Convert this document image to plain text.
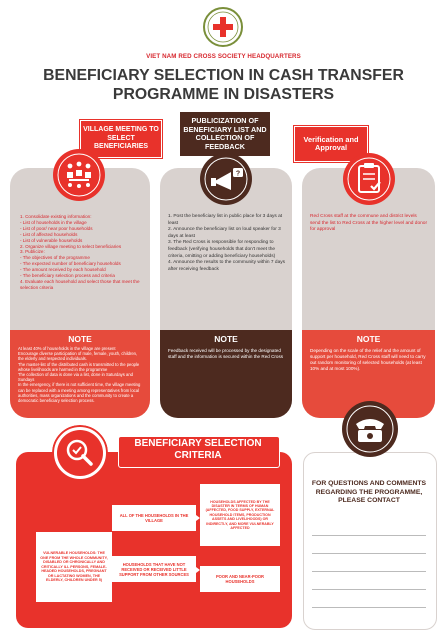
VIET NAM RED CROSS SOCIETY HEADQUARTERS
BENEFICIARY SELECTION IN CASH TRANSFER PROGRAMME IN DISASTERS
VILLAGE MEETING TO SELECT BENEFICIARIES
PUBLICIZATION OF BENEFICIARY LIST AND COLLECTION OF FEEDBACK
?
Verification and Approval
1. Consolidate existing information:
- List of households in the village
- List of poor/ near poor households
- List of affected households
- List of vulnerable households
2. Organize village meeting to select beneficiaries
3. Publicize:
- The objectives of the programme
- The expected number of beneficiary households
- The amount received by each household
- The beneficiary selection process and criteria
4. Evaluate each household and select those that meet the selection criteria
1. Post the beneficiary list in public place for 3 days at least
2. Announce the beneficiary list on loud speaker for 3 days at least
3. The Red Cross is responsible for responding to feedback (verifying households that don't meet the criteria, omitting or adding beneficiary households)
4. Announce the results to the community within 7 days after receiving feedback
Red Cross staff at the commune and district levels send the list to Red Cross at the higher level and donor for approval
NOTE
At least 40% of households in the village are present
Encourage diverse participation of male, female, youth, children, the elderly and respected individuals.
The master-list of the distributed cash is transmitted to the people whose livelihoods are harmed in the programme
The collection of data is done via a list, done in Saturdays and Sundays
In the emergency, if there is not sufficient time, the village meeting can be replaced with a meeting among representatives from local authorities, mass organizations and the community to create a democratic beneficiary selection process.
NOTE
Feedback received will be processed by the designated staff and the information is secured within the Red Cross
NOTE
Depending on the scale of the relief and the amount of support per household, Red Cross staff will need to carry out random monitoring of selected households (at least 10% and at most 100%).
BENEFICIARY SELECTION CRITERIA
ALL OF THE HOUSEHOLDS IN THE VILLAGE
HOUSEHOLDS AFFECTED BY THE DISASTER IN TERMS OF HUMAN (AFFECTED, FOOD SUPPLY, EXTERNAL HOUSEHOLD ITEMS, PRODUCTION ASSETS AND LIVELIHOODS) OR INDIRECTLY, AND MORE VULNERABLY AFFECTED
VULNERABLE HOUSEHOLDS: THE ONE FROM THE WHOLE COMMUNITY, DISABLED OR CHRONICALLY AND CRITICALLY ILL PERSONS, FEMALE-HEADED HOUSEHOLDS, PREGNANT OR LACTATING WOMEN, THE ELDERLY, CHILDREN UNDER 5)
HOUSEHOLDS THAT HAVE NOT RECEIVED OR RECEIVED LITTLE SUPPORT FROM OTHER SOURCES	POOR AND NEAR-POOR HOUSEHOLDS
FOR QUESTIONS AND COMMENTS REGARDING THE PROGRAMME, PLEASE CONTACT
